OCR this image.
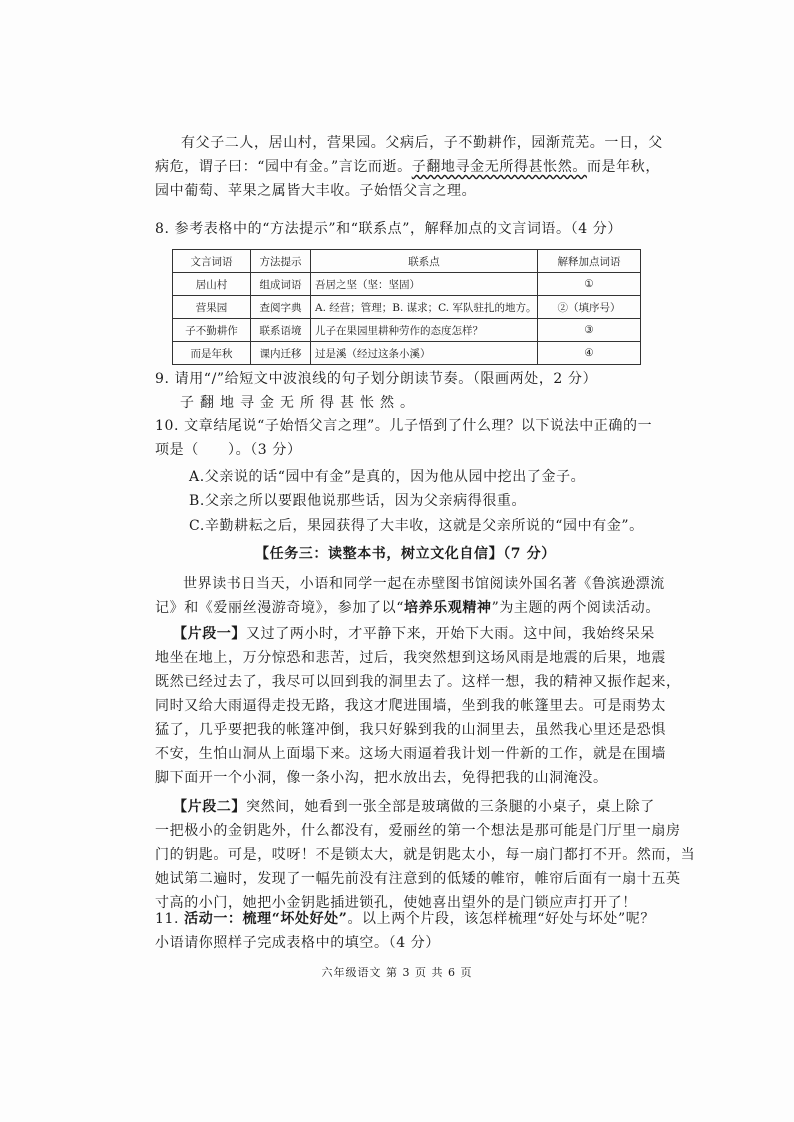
有父子二人，居山村，营果园。父病后，子不勤耕作，园渐荒芜。一日，父
病危，谓子曰：“园中有金。”言讫而逝。子翻地寻金无所得甚怅然。而是年秋，
园中葡萄、苹果之属皆大丰收。子始悟父言之理。
8. 参考表格中的“方法提示”和“联系点”，解释加点的文言词语。（4 分）
文言词语	方法提示	联系点	解释加点词语
居山村	组成词语	吾居之坚（坚：坚固）	①
营果园	查阅字典	A. 经营；管理；B. 谋求；C. 军队驻扎的地方。	②（填序号）
子不勤耕作	联系语境	儿子在果园里耕种劳作的态度怎样？	③
而是年秋	课内迁移	过是溪（经过这条小溪）	④
9. 请用“/”给短文中波浪线的句子划分朗读节奏。（限画两处，2 分）
子翻地寻金无所得甚怅然。
10. 文章结尾说“子始悟父言之理”。儿子悟到了什么理？以下说法中正确的一
项是（　　）。（3 分）
A.父亲说的话“园中有金”是真的，因为他从园中挖出了金子。
B.父亲之所以要跟他说那些话，因为父亲病得很重。
C.辛勤耕耘之后，果园获得了大丰收，这就是父亲所说的“园中有金”。
【任务三：读整本书，树立文化自信】（7 分）
世界读书日当天，小语和同学一起在赤壁图书馆阅读外国名著《鲁滨逊漂流
记》和《爱丽丝漫游奇境》，参加了以“培养乐观精神”为主题的两个阅读活动。
【片段一】又过了两小时，才平静下来，开始下大雨。这中间，我始终呆呆
地坐在地上，万分惊恐和悲苦，过后，我突然想到这场风雨是地震的后果，地震
既然已经过去了，我尽可以回到我的洞里去了。这样一想，我的精神又振作起来，
同时又给大雨逼得走投无路，我这才爬进围墙，坐到我的帐篷里去。可是雨势太
猛了，几乎要把我的帐篷冲倒，我只好躲到我的山洞里去，虽然我心里还是恐惧
不安，生怕山洞从上面塌下来。这场大雨逼着我计划一件新的工作，就是在围墙
脚下面开一个小洞，像一条小沟，把水放出去，免得把我的山洞淹没。
【片段二】突然间，她看到一张全部是玻璃做的三条腿的小桌子，桌上除了
一把极小的金钥匙外，什么都没有，爱丽丝的第一个想法是那可能是门厅里一扇房
门的钥匙。可是，哎呀！不是锁太大，就是钥匙太小，每一扇门都打不开。然而，当
她试第二遍时，发现了一幅先前没有注意到的低矮的帷帘，帷帘后面有一扇十五英
寸高的小门，她把小金钥匙插进锁孔，使她喜出望外的是门锁应声打开了！
11. 活动一：梳理“坏处好处”。以上两个片段，该怎样梳理“好处与坏处”呢？
小语请你照样子完成表格中的填空。（4 分）
六年级语文 第 3 页 共 6 页
